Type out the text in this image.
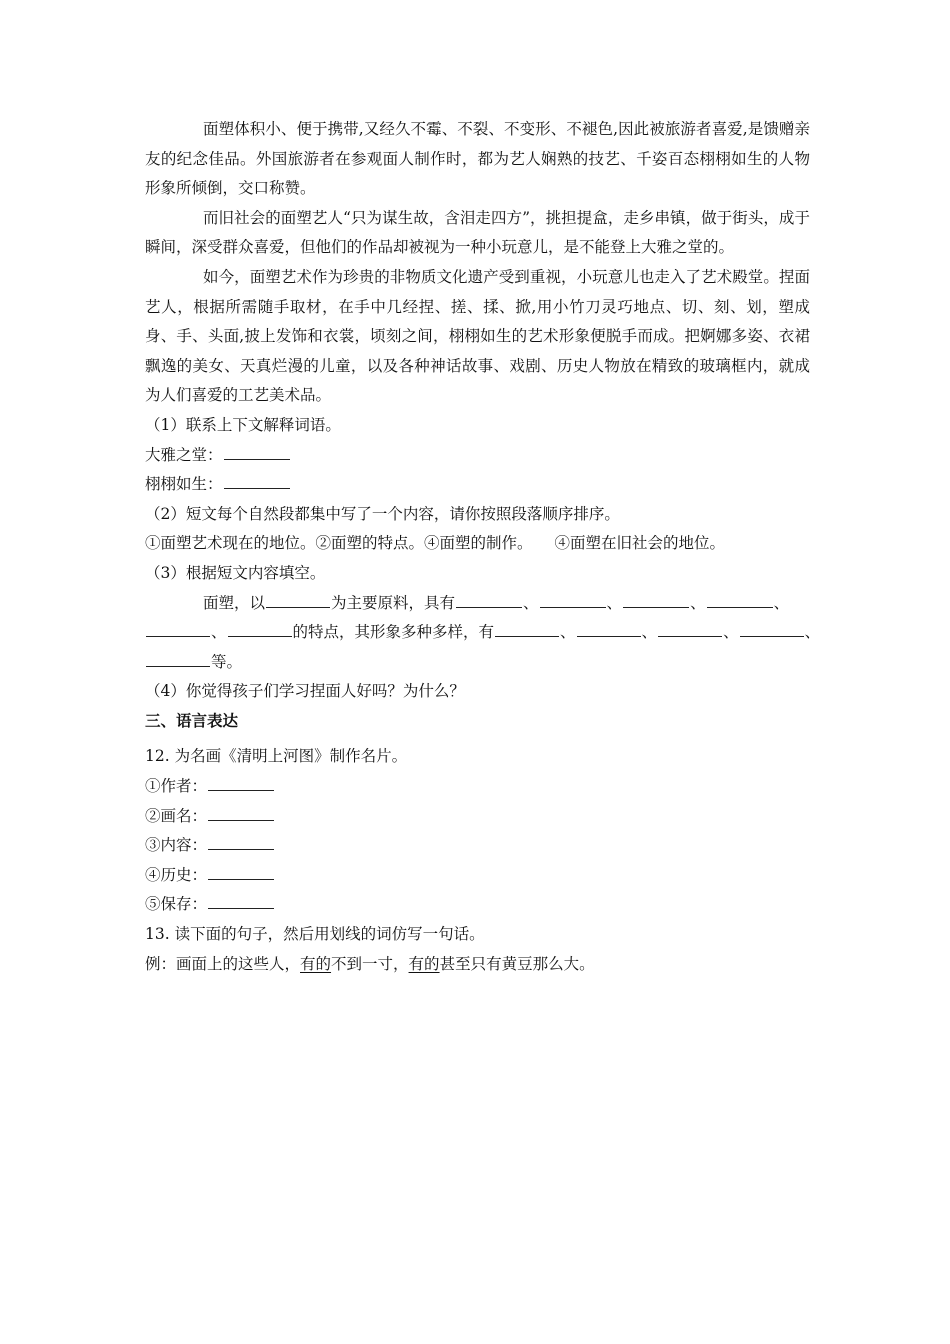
面塑体积小、便于携带,又经久不霉、不裂、不变形、不褪色,因此被旅游者喜爱,是馈赠亲友的纪念佳品。外国旅游者在参观面人制作时，都为艺人娴熟的技艺、千姿百态栩栩如生的人物形象所倾倒，交口称赞。

而旧社会的面塑艺人“只为谋生故，含泪走四方”，挑担提盒，走乡串镇，做于街头，成于瞬间，深受群众喜爱，但他们的作品却被视为一种小玩意儿，是不能登上大雅之堂的。

如今，面塑艺术作为珍贵的非物质文化遗产受到重视，小玩意儿也走入了艺术殿堂。捏面艺人，根据所需随手取材，在手中几经捏、搓、揉、掀,用小竹刀灵巧地点、切、刻、划，塑成身、手、头面,披上发饰和衣裳，顷刻之间，栩栩如生的艺术形象便脱手而成。把婀娜多姿、衣裙飘逸的美女、天真烂漫的儿童，以及各种神话故事、戏剧、历史人物放在精致的玻璃框内，就成为人们喜爱的工艺美术品。

（1）联系上下文解释词语。

大雅之堂：

栩栩如生：

（2）短文每个自然段都集中写了一个内容，请你按照段落顺序排序。

①面塑艺术现在的地位。②面塑的特点。④面塑的制作。 ④面塑在旧社会的地位。

（3）根据短文内容填空。

面塑，以	为主要原料，具有	、	、	、	、

、	的特点，其形象多种多样，有	、	、	、	、

等。

（4）你觉得孩子们学习捏面人好吗？为什么？

三、语言表达

12. 为名画《清明上河图》制作名片。

①作者：

②画名：

③内容：

④历史：

⑤保存：

13. 读下面的句子，然后用划线的词仿写一句话。

例：画面上的这些人，有的不到一寸，有的甚至只有黄豆那么大。
